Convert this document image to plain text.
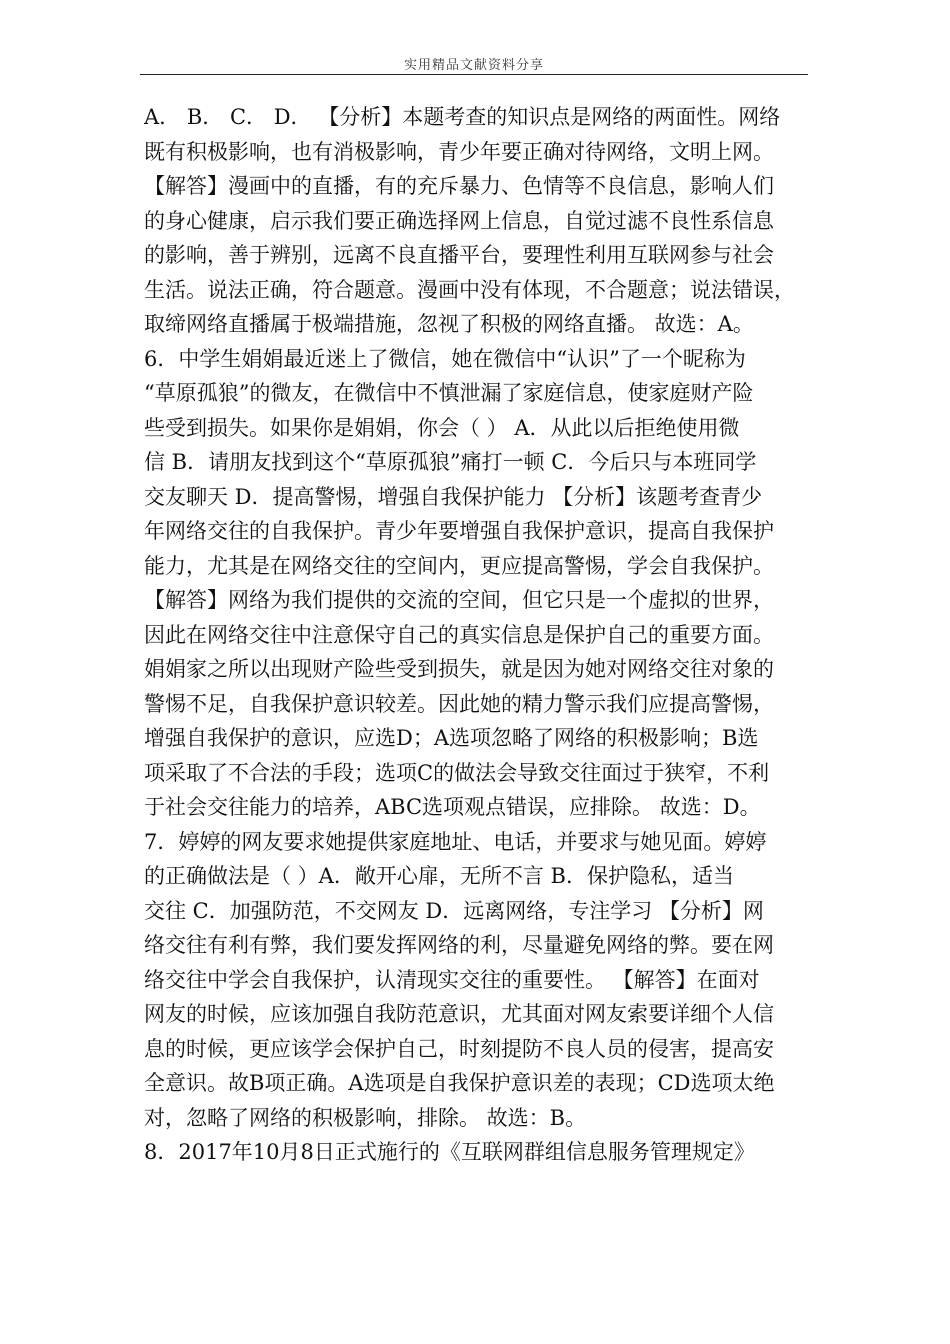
实用精品文献资料分享
A． B． C． D． 【分析】本题考查的知识点是网络的两面性。网络
既有积极影响，也有消极影响，青少年要正确对待网络，文明上网。
【解答】漫画中的直播，有的充斥暴力、色情等不良信息，影响人们
的身心健康，启示我们要正确选择网上信息，自觉过滤不良性系信息
的影响，善于辨别，远离不良直播平台，要理性利用互联网参与社会
生活。说法正确，符合题意。漫画中没有体现，不合题意；说法错误，
取缔网络直播属于极端措施，忽视了积极的网络直播。 故选：A。
6．中学生娟娟最近迷上了微信，她在微信中“认识”了一个昵称为
“草原孤狼”的微友，在微信中不慎泄漏了家庭信息，使家庭财产险
些受到损失。如果你是娟娟，你会（ ） A．从此以后拒绝使用微
信 B．请朋友找到这个“草原孤狼”痛打一顿 C．今后只与本班同学
交友聊天 D．提高警惕，增强自我保护能力 【分析】该题考查青少
年网络交往的自我保护。青少年要增强自我保护意识，提高自我保护
能力，尤其是在网络交往的空间内，更应提高警惕，学会自我保护。
【解答】网络为我们提供的交流的空间，但它只是一个虚拟的世界，
因此在网络交往中注意保守自己的真实信息是保护自己的重要方面。
娟娟家之所以出现财产险些受到损失，就是因为她对网络交往对象的
警惕不足，自我保护意识较差。因此她的精力警示我们应提高警惕，
增强自我保护的意识，应选D；A选项忽略了网络的积极影响；B选
项采取了不合法的手段；选项C的做法会导致交往面过于狭窄，不利
于社会交往能力的培养，ABC选项观点错误，应排除。 故选：D。
7．婷婷的网友要求她提供家庭地址、电话，并要求与她见面。婷婷
的正确做法是（ ）A．敞开心扉，无所不言 B．保护隐私，适当
交往 C．加强防范，不交网友 D．远离网络，专注学习 【分析】网
络交往有利有弊，我们要发挥网络的利，尽量避免网络的弊。要在网
络交往中学会自我保护，认清现实交往的重要性。 【解答】在面对
网友的时候，应该加强自我防范意识，尤其面对网友索要详细个人信
息的时候，更应该学会保护自己，时刻提防不良人员的侵害，提高安
全意识。故B项正确。A选项是自我保护意识差的表现；CD选项太绝
对，忽略了网络的积极影响，排除。 故选：B。
8．2017年10月8日正式施行的《互联网群组信息服务管理规定》
